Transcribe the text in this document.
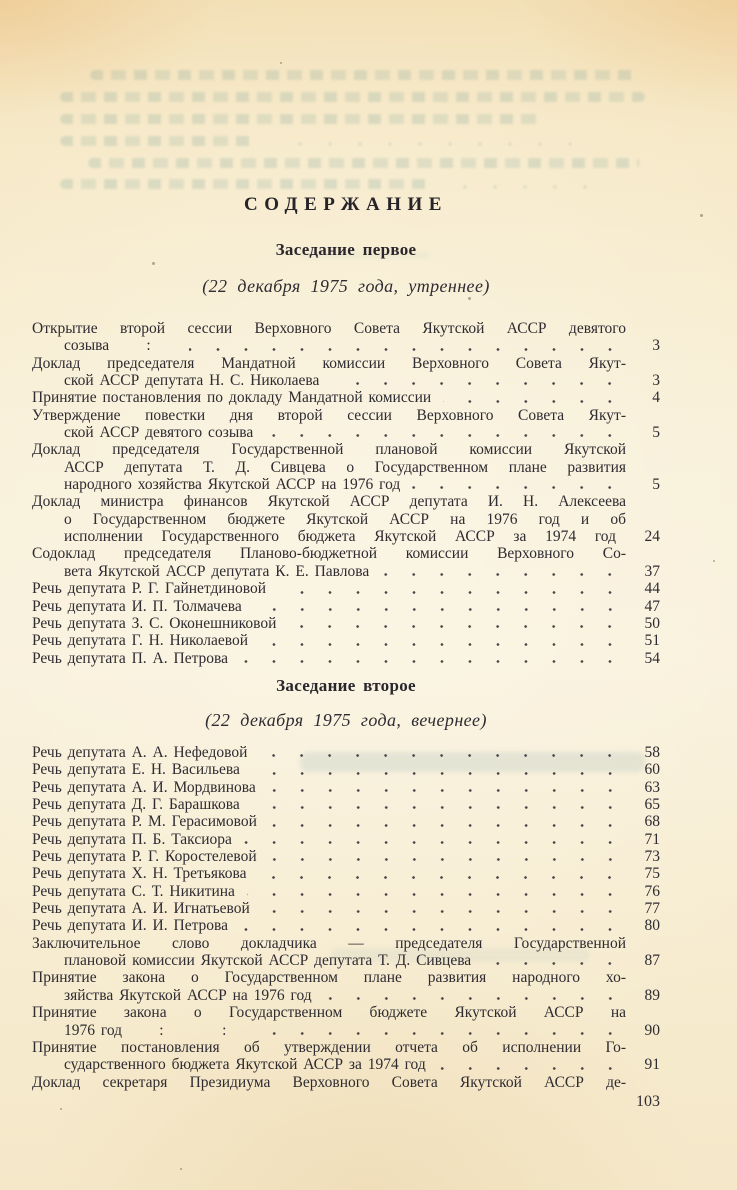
СОДЕРЖАНИЕ
Заседание первое
(22 декабря 1975 года, утреннее)
Открытие второй сессии Верховного Совета Якутской АССР девятого
созыва :	3
Доклад председателя Мандатной комиссии Верховного Совета Якут-
ской АССР депутата Н. С. Николаева	3
Принятие постановления по докладу Мандатной комиссии	4
Утверждение повестки дня второй сессии Верховного Совета Якут-
ской АССР девятого созыва	5
Доклад председателя Государственной плановой комиссии Якутской
АССР депутата Т. Д. Сивцева о Государственном плане развития
народного хозяйства Якутской АССР на 1976 год	5
Доклад министра финансов Якутской АССР депутата И. Н. Алексеева
о Государственном бюджете Якутской АССР на 1976 год и об
исполнении Государственного бюджета Якутской АССР за 1974 год	24
Содоклад председателя Планово-бюджетной комиссии Верховного Со-
вета Якутской АССР депутата К. Е. Павлова	37
Речь депутата Р. Г. Гайнетдиновой	44
Речь депутата И. П. Толмачева	47
Речь депутата З. С. Оконешниковой	50
Речь депутата Г. Н. Николаевой	51
Речь депутата П. А. Петрова	54
Заседание второе
(22 декабря 1975 года, вечернее)
Речь депутата А. А. Нефедовой	58
Речь депутата Е. Н. Васильева	60
Речь депутата А. И. Мордвинова	63
Речь депутата Д. Г. Барашкова	65
Речь депутата Р. М. Герасимовой	68
Речь депутата П. Б. Таксиора	71
Речь депутата Р. Г. Коростелевой	73
Речь депутата Х. Н. Третьякова	75
Речь депутата С. Т. Никитина	76
Речь депутата А. И. Игнатьевой	77
Речь депутата И. И. Петрова	80
Заключительное слово докладчика — председателя Государственной
плановой комиссии Якутской АССР депутата Т. Д. Сивцева	87
Принятие закона о Государственном плане развития народного хо-
зяйства Якутской АССР на 1976 год	89
Принятие закона о Государственном бюджете Якутской АССР на
1976 год : :	90
Принятие постановления об утверждении отчета об исполнении Го-
сударственного бюджета Якутской АССР за 1974 год	91
Доклад секретаря Президиума Верховного Совета Якутской АССР де-
103
